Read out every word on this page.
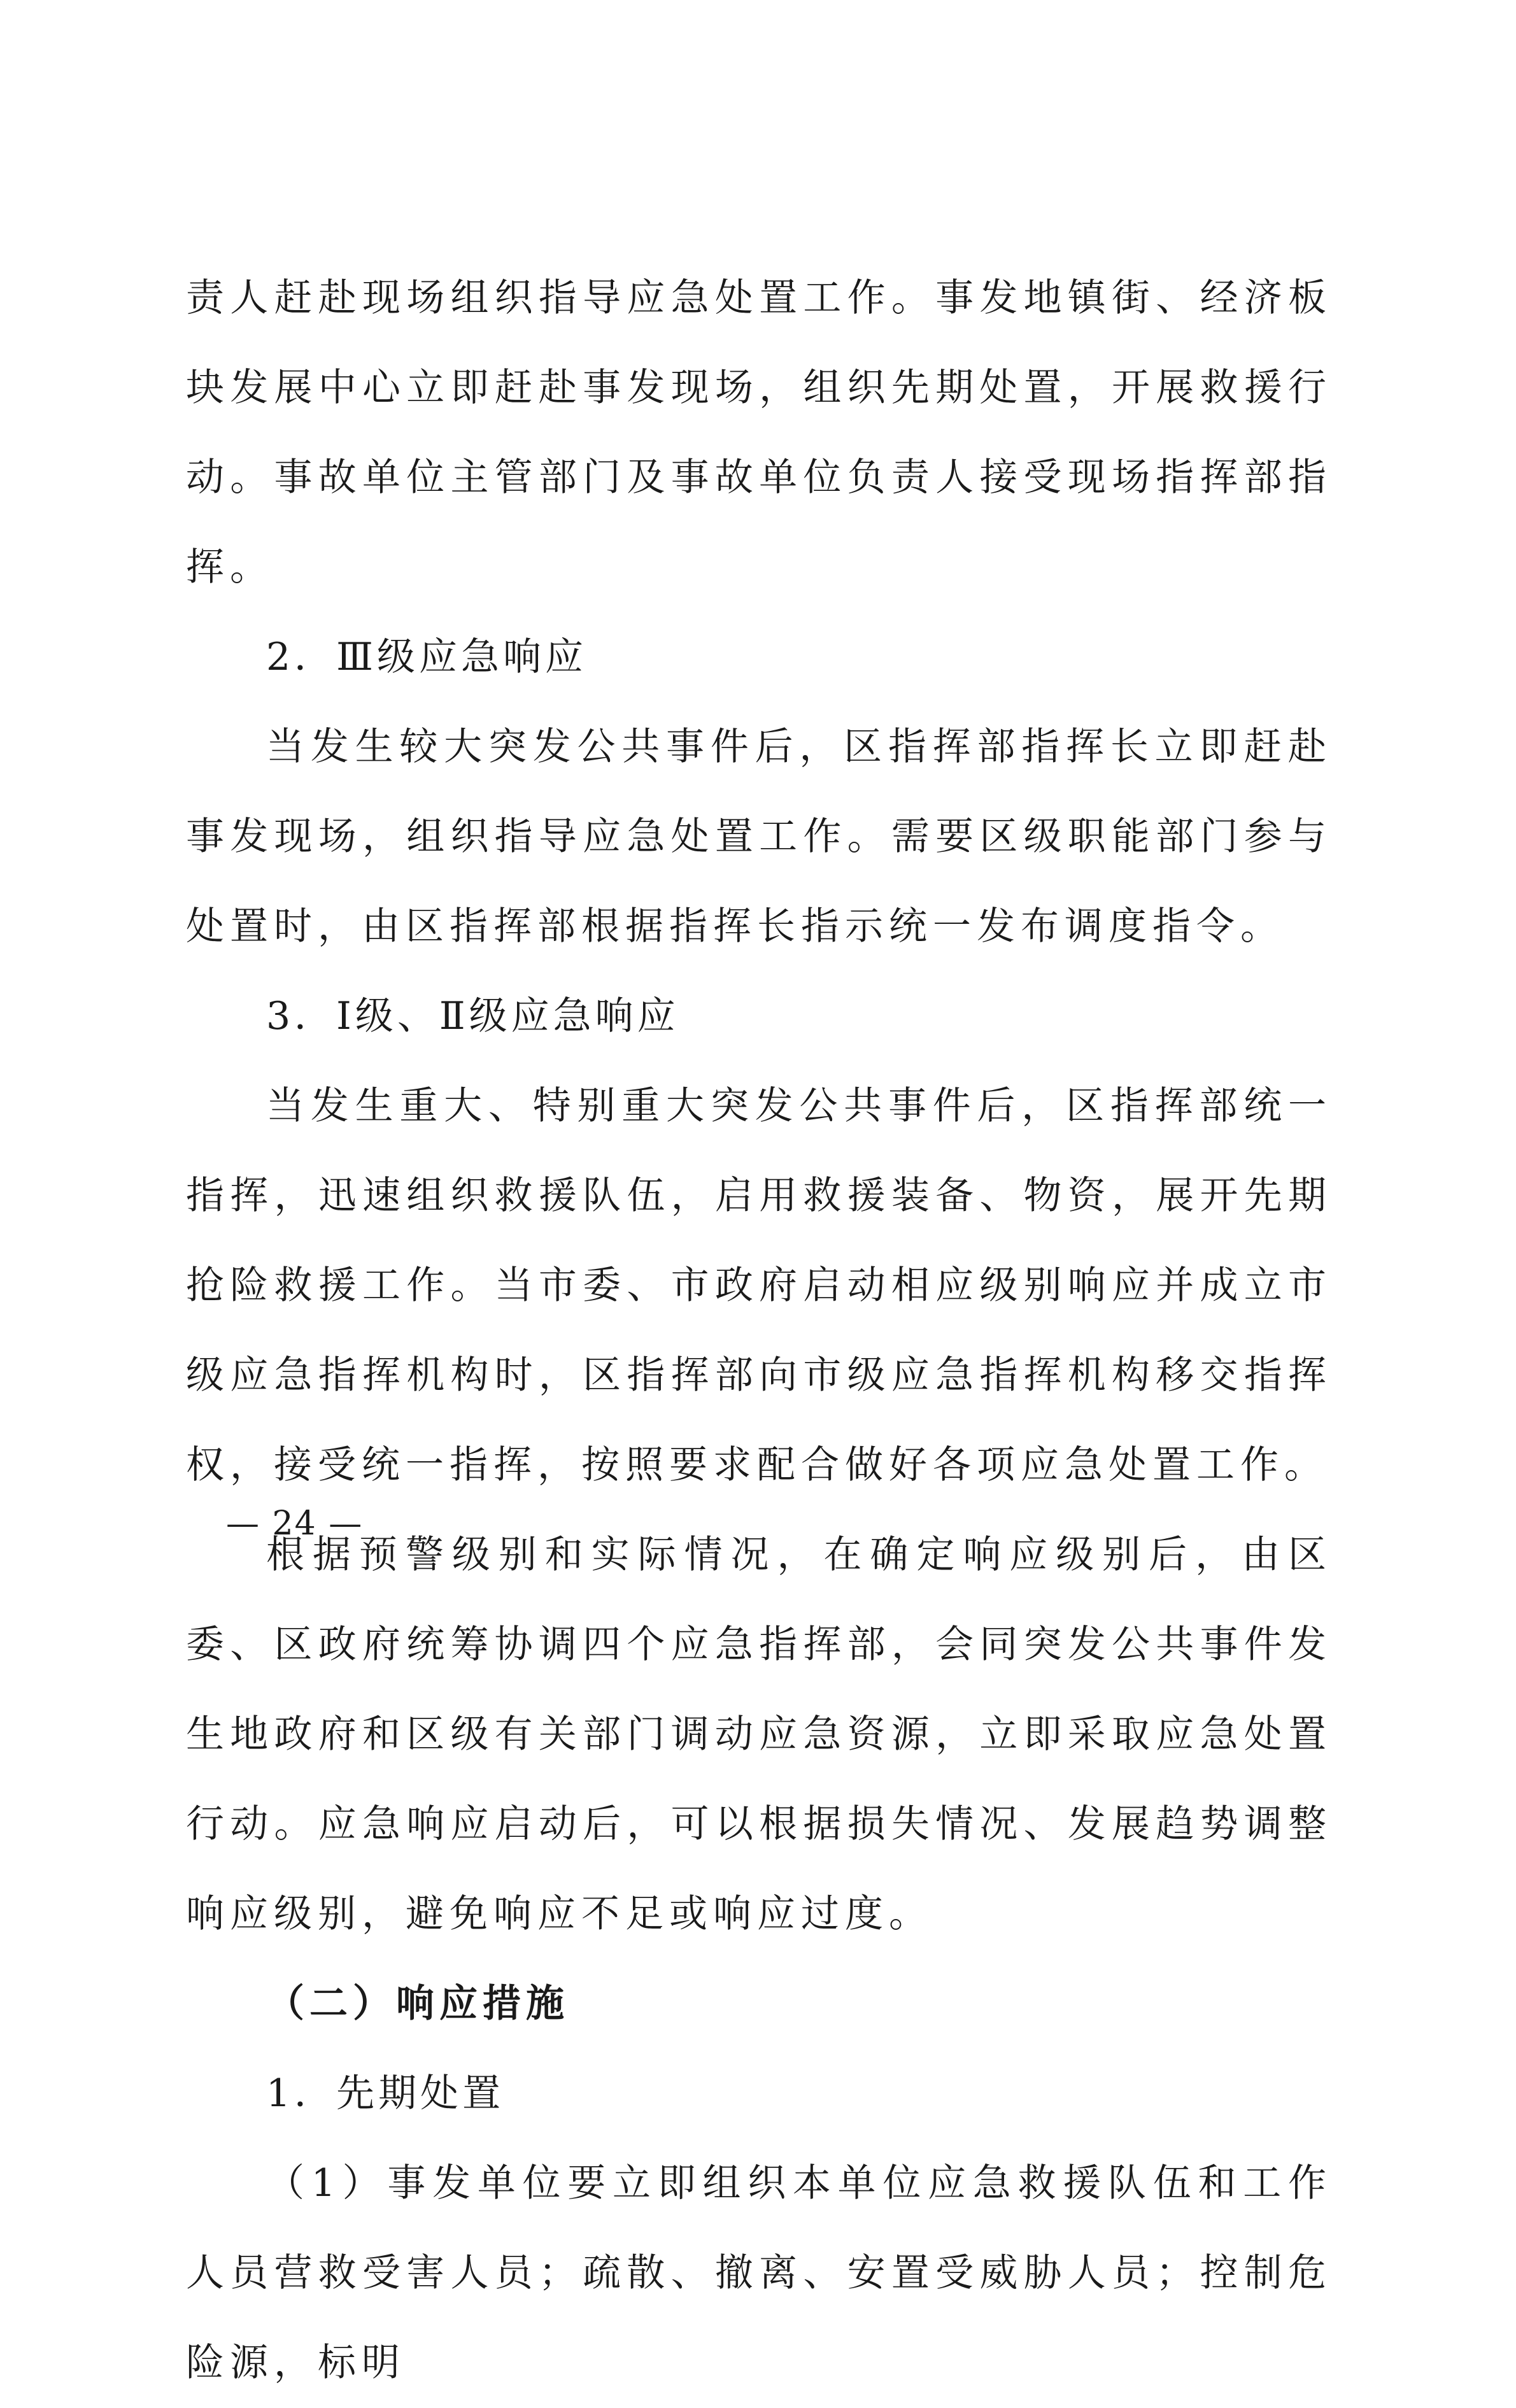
责人赶赴现场组织指导应急处置工作。事发地镇街、经济板块发展中心立即赶赴事发现场，组织先期处置，开展救援行动。事故单位主管部门及事故单位负责人接受现场指挥部指挥。

2．Ⅲ级应急响应

当发生较大突发公共事件后，区指挥部指挥长立即赶赴事发现场，组织指导应急处置工作。需要区级职能部门参与处置时，由区指挥部根据指挥长指示统一发布调度指令。

3．Ⅰ级、Ⅱ级应急响应

当发生重大、特别重大突发公共事件后，区指挥部统一指挥，迅速组织救援队伍，启用救援装备、物资，展开先期抢险救援工作。当市委、市政府启动相应级别响应并成立市级应急指挥机构时，区指挥部向市级应急指挥机构移交指挥权，接受统一指挥，按照要求配合做好各项应急处置工作。

根据预警级别和实际情况，在确定响应级别后，由区委、区政府统筹协调四个应急指挥部，会同突发公共事件发生地政府和区级有关部门调动应急资源，立即采取应急处置行动。应急响应启动后，可以根据损失情况、发展趋势调整响应级别，避免响应不足或响应过度。

（二）响应措施

1．先期处置

（1）事发单位要立即组织本单位应急救援队伍和工作人员营救受害人员；疏散、撤离、安置受威胁人员；控制危险源，标明

— 24 —
